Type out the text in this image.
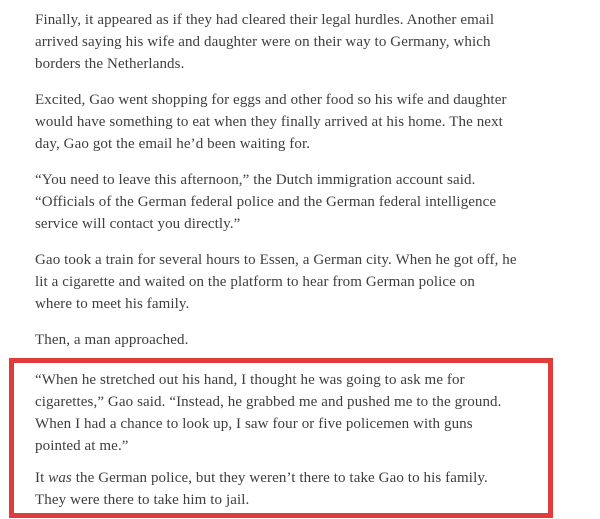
Finally, it appeared as if they had cleared their legal hurdles. Another email
arrived saying his wife and daughter were on their way to Germany, which
borders the Netherlands.
Excited, Gao went shopping for eggs and other food so his wife and daughter
would have something to eat when they finally arrived at his home. The next
day, Gao got the email he’d been waiting for.
“You need to leave this afternoon,” the Dutch immigration account said.
“Officials of the German federal police and the German federal intelligence
service will contact you directly.”
Gao took a train for several hours to Essen, a German city. When he got off, he
lit a cigarette and waited on the platform to hear from German police on
where to meet his family.
Then, a man approached.
“When he stretched out his hand, I thought he was going to ask me for
cigarettes,” Gao said. “Instead, he grabbed me and pushed me to the ground.
When I had a chance to look up, I saw four or five policemen with guns
pointed at me.”
It was the German police, but they weren’t there to take Gao to his family.
They were there to take him to jail.
